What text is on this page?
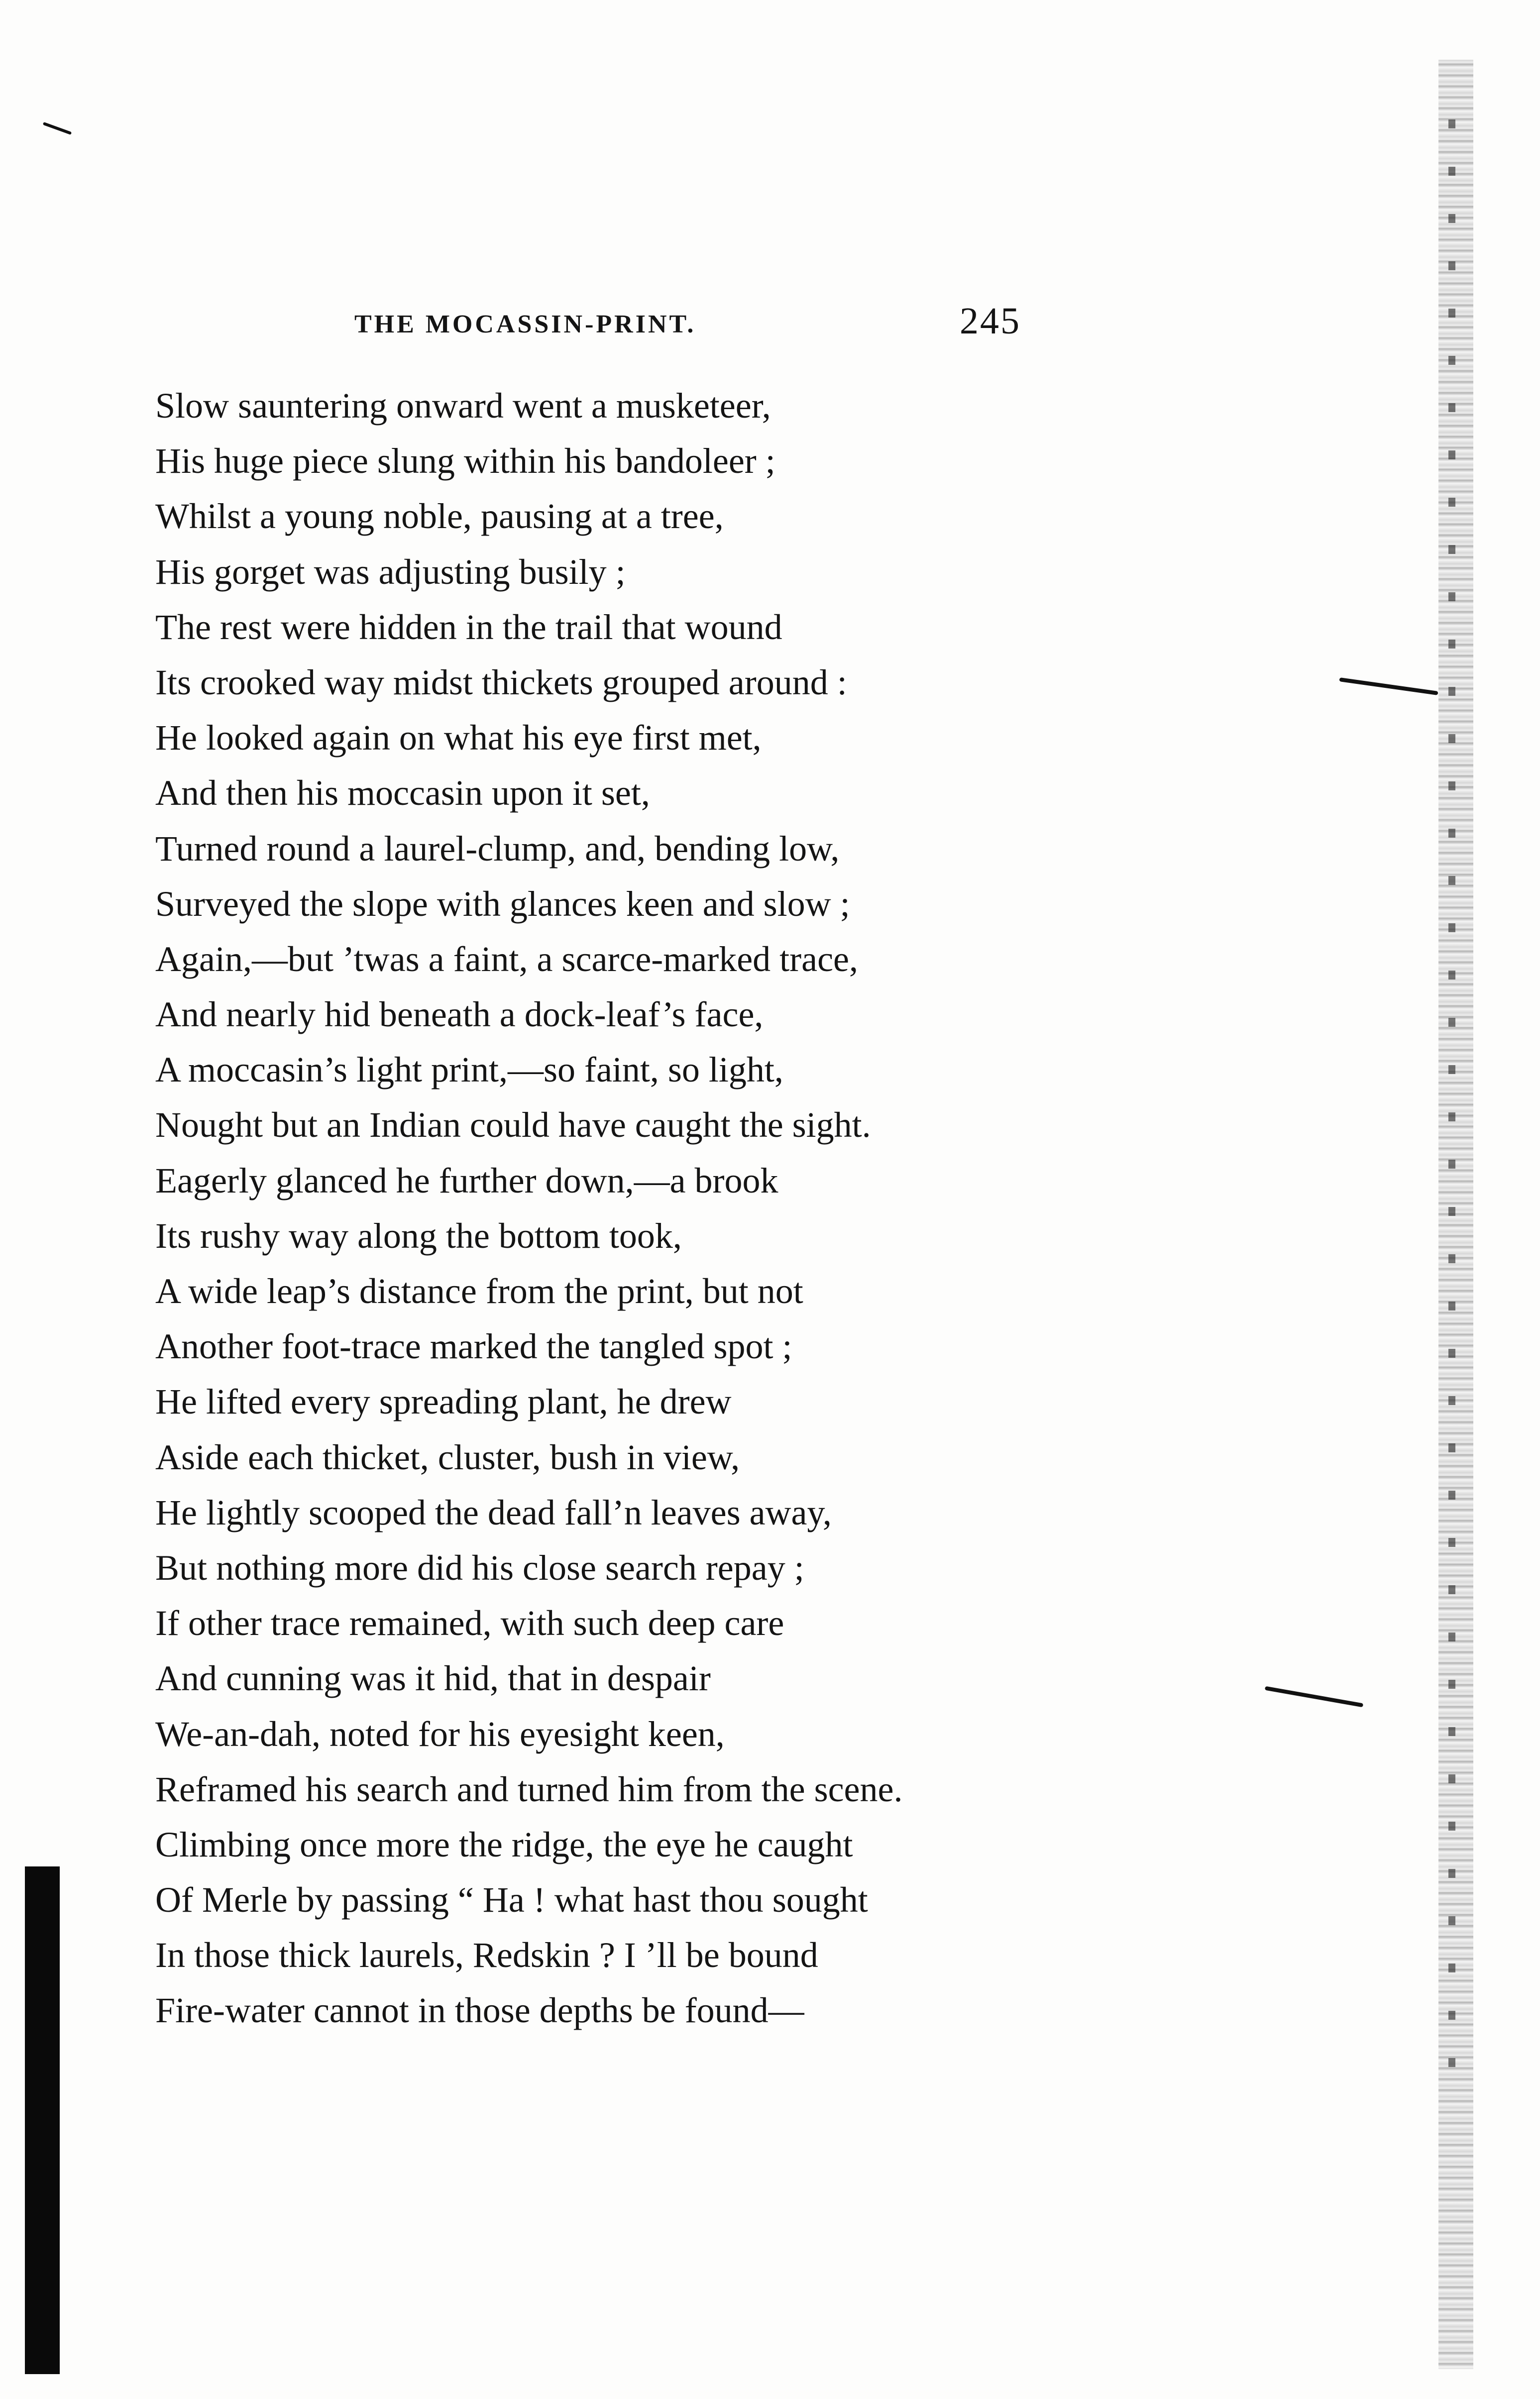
THE MOCASSIN-PRINT.	245
Slow sauntering onward went a musketeer,
His huge piece slung within his bandoleer ;
Whilst a young noble, pausing at a tree,
His gorget was adjusting busily ;
The rest were hidden in the trail that wound
Its crooked way midst thickets grouped around :
He looked again on what his eye first met,
And then his moccasin upon it set,
Turned round a laurel-clump, and, bending low,
Surveyed the slope with glances keen and slow ;
Again,—but ’twas a faint, a scarce-marked trace,
And nearly hid beneath a dock-leaf’s face,
A moccasin’s light print,—so faint, so light,
Nought but an Indian could have caught the sight.
Eagerly glanced he further down,—a brook
Its rushy way along the bottom took,
A wide leap’s distance from the print, but not
Another foot-trace marked the tangled spot ;
He lifted every spreading plant, he drew
Aside each thicket, cluster, bush in view,
He lightly scooped the dead fall’n leaves away,
But nothing more did his close search repay ;
If other trace remained, with such deep care
And cunning was it hid, that in despair
We-an-dah, noted for his eyesight keen,
Reframed his search and turned him from the scene.
Climbing once more the ridge, the eye he caught
Of Merle by passing “ Ha ! what hast thou sought
In those thick laurels, Redskin ? I ’ll be bound
Fire-water cannot in those depths be found—
